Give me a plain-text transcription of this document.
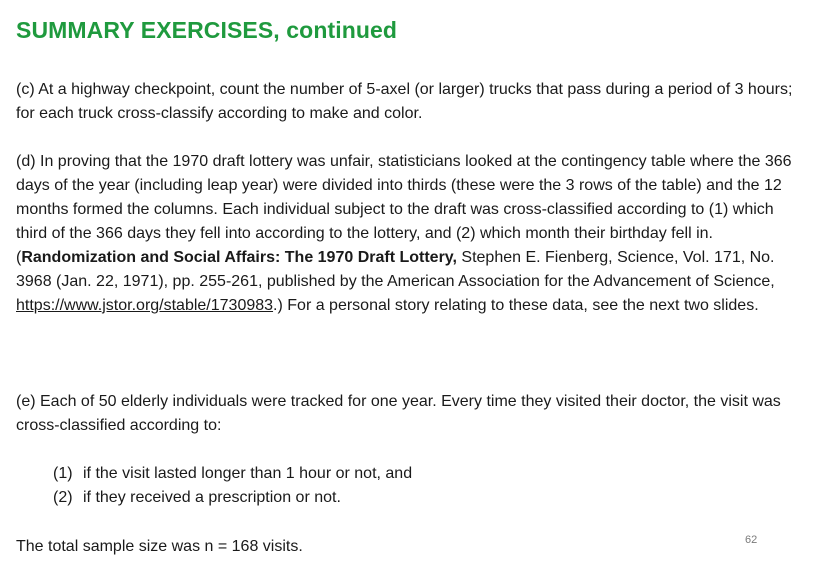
SUMMARY EXERCISES, continued
(c) At a highway checkpoint, count the number of 5-axel (or larger) trucks that pass during a period of 3 hours; for each truck cross-classify according to make and color.
(d) In proving that the 1970 draft lottery was unfair, statisticians looked at the contingency table where the 366 days of the year (including leap year) were divided into thirds (these were the 3 rows of the table) and the 12 months formed the columns. Each individual subject to the draft was cross-classified according to (1) which third of the 366 days they fell into according to the lottery, and (2) which month their birthday fell in. (Randomization and Social Affairs: The 1970 Draft Lottery, Stephen E. Fienberg, Science, Vol. 171, No. 3968 (Jan. 22, 1971), pp. 255-261, published by the American Association for the Advancement of Science, https://www.jstor.org/stable/1730983.) For a personal story relating to these data, see the next two slides.
(e) Each of 50 elderly individuals were tracked for one year. Every time they visited their doctor, the visit was cross-classified according to:
(1) if the visit lasted longer than 1 hour or not, and
(2) if they received a prescription or not.
The total sample size was n = 168 visits.	62
